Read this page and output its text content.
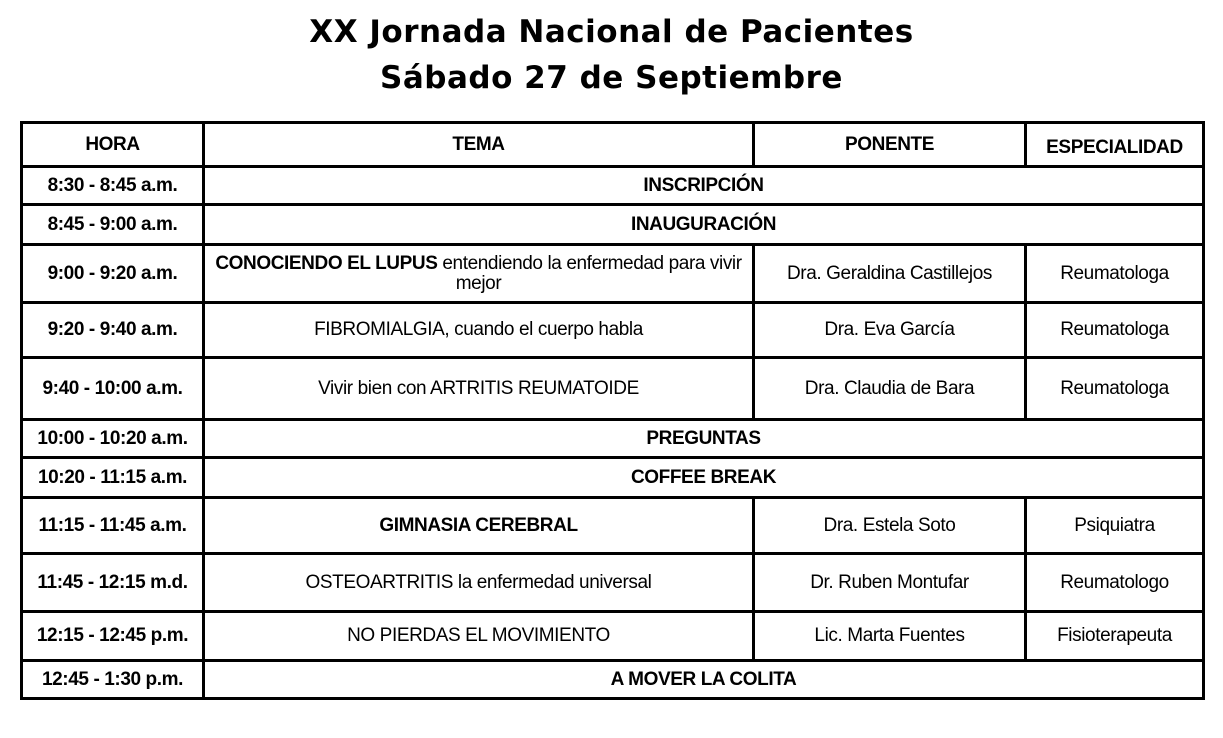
XX Jornada Nacional de Pacientes
Sábado 27 de Septiembre
HORA	TEMA	PONENTE	ESPECIALIDAD
8:30 - 8:45 a.m.	INSCRIPCIÓN		
8:45 - 9:00 a.m.	INAUGURACIÓN		
9:00 - 9:20 a.m.	CONOCIENDO EL LUPUS entendiendo la enfermedad para vivir mejor	Dra. Geraldina Castillejos	Reumatologa
9:20 - 9:40 a.m.	FIBROMIALGIA, cuando el cuerpo habla	Dra. Eva García	Reumatologa
9:40 - 10:00 a.m.	Vivir bien con ARTRITIS REUMATOIDE	Dra. Claudia de Bara	Reumatologa
10:00 - 10:20 a.m.	PREGUNTAS		
10:20 - 11:15 a.m.	COFFEE BREAK		
11:15 - 11:45 a.m.	GIMNASIA CEREBRAL	Dra. Estela Soto	Psiquiatra
11:45 - 12:15 m.d.	OSTEOARTRITIS la enfermedad universal	Dr. Ruben Montufar	Reumatologo
12:15 - 12:45 p.m.	NO PIERDAS EL MOVIMIENTO	Lic. Marta Fuentes	Fisioterapeuta
12:45 - 1:30 p.m.	A MOVER LA COLITA		
